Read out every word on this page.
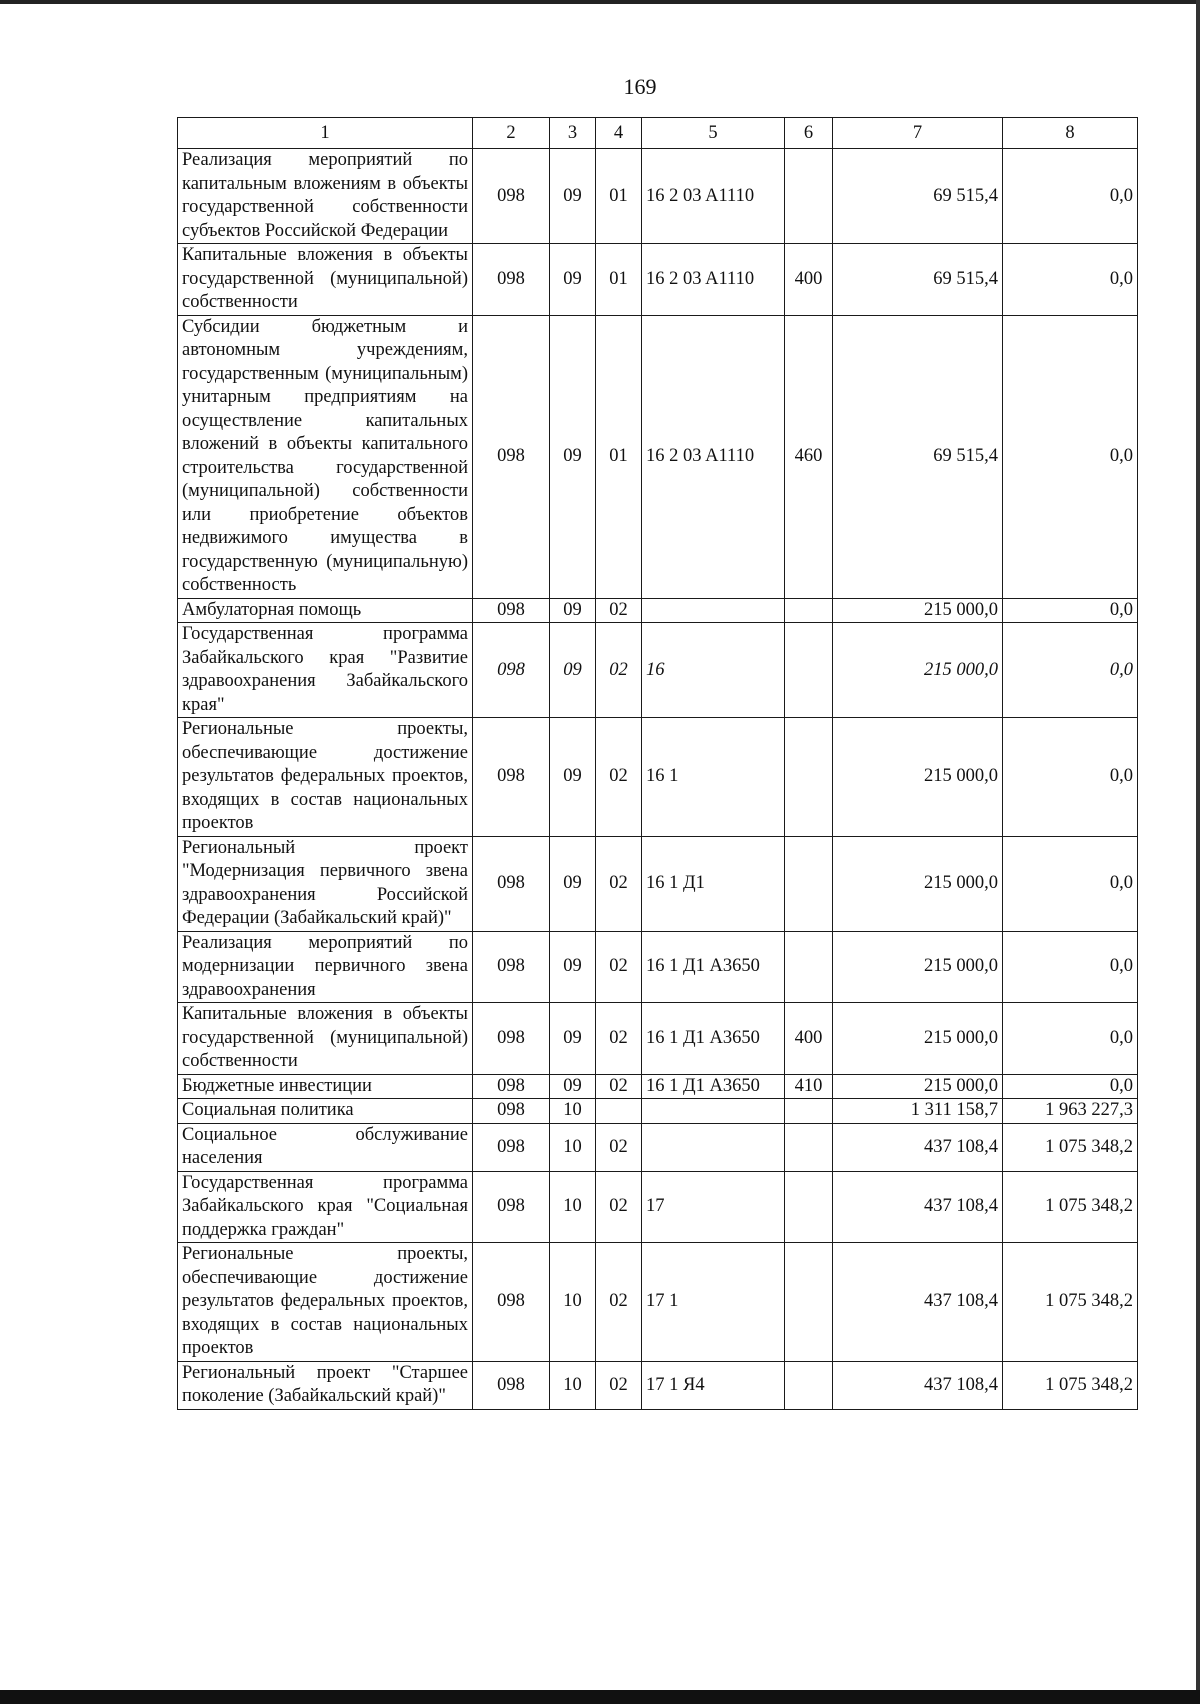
169
1	2	3	4	5	6	7	8
Реализация мероприятий по капитальным вложениям в объекты государственной собственности субъектов Российской Федерации	098	09	01	16 2 03 A1110		69 515,4	0,0
Капитальные вложения в объекты государственной (муниципальной) собственности	098	09	01	16 2 03 A1110	400	69 515,4	0,0
Субсидии бюджетным и автономным учреждениям, государственным (муниципальным) унитарным предприятиям на осуществление капитальных вложений в объекты капитального строительства государственной (муниципальной) собственности или приобретение объектов недвижимого имущества в государственную (муниципальную) собственность	098	09	01	16 2 03 A1110	460	69 515,4	0,0
Амбулаторная помощь	098	09	02			215 000,0	0,0
Государственная программа Забайкальского края "Развитие здравоохранения Забайкальского края"	098	09	02	16		215 000,0	0,0
Региональные проекты, обеспечивающие достижение результатов федеральных проектов, входящих в состав национальных проектов	098	09	02	16 1		215 000,0	0,0
Региональный проект "Модернизация первичного звена здравоохранения Российской Федерации (Забайкальский край)"	098	09	02	16 1 Д1		215 000,0	0,0
Реализация мероприятий по модернизации первичного звена здравоохранения	098	09	02	16 1 Д1 A3650		215 000,0	0,0
Капитальные вложения в объекты государственной (муниципальной) собственности	098	09	02	16 1 Д1 A3650	400	215 000,0	0,0
Бюджетные инвестиции	098	09	02	16 1 Д1 A3650	410	215 000,0	0,0
Социальная политика	098	10				1 311 158,7	1 963 227,3
Социальное обслуживание населения	098	10	02			437 108,4	1 075 348,2
Государственная программа Забайкальского края "Социальная поддержка граждан"	098	10	02	17		437 108,4	1 075 348,2
Региональные проекты, обеспечивающие достижение результатов федеральных проектов, входящих в состав национальных проектов	098	10	02	17 1		437 108,4	1 075 348,2
Региональный проект "Старшее поколение (Забайкальский край)"	098	10	02	17 1 Я4		437 108,4	1 075 348,2
